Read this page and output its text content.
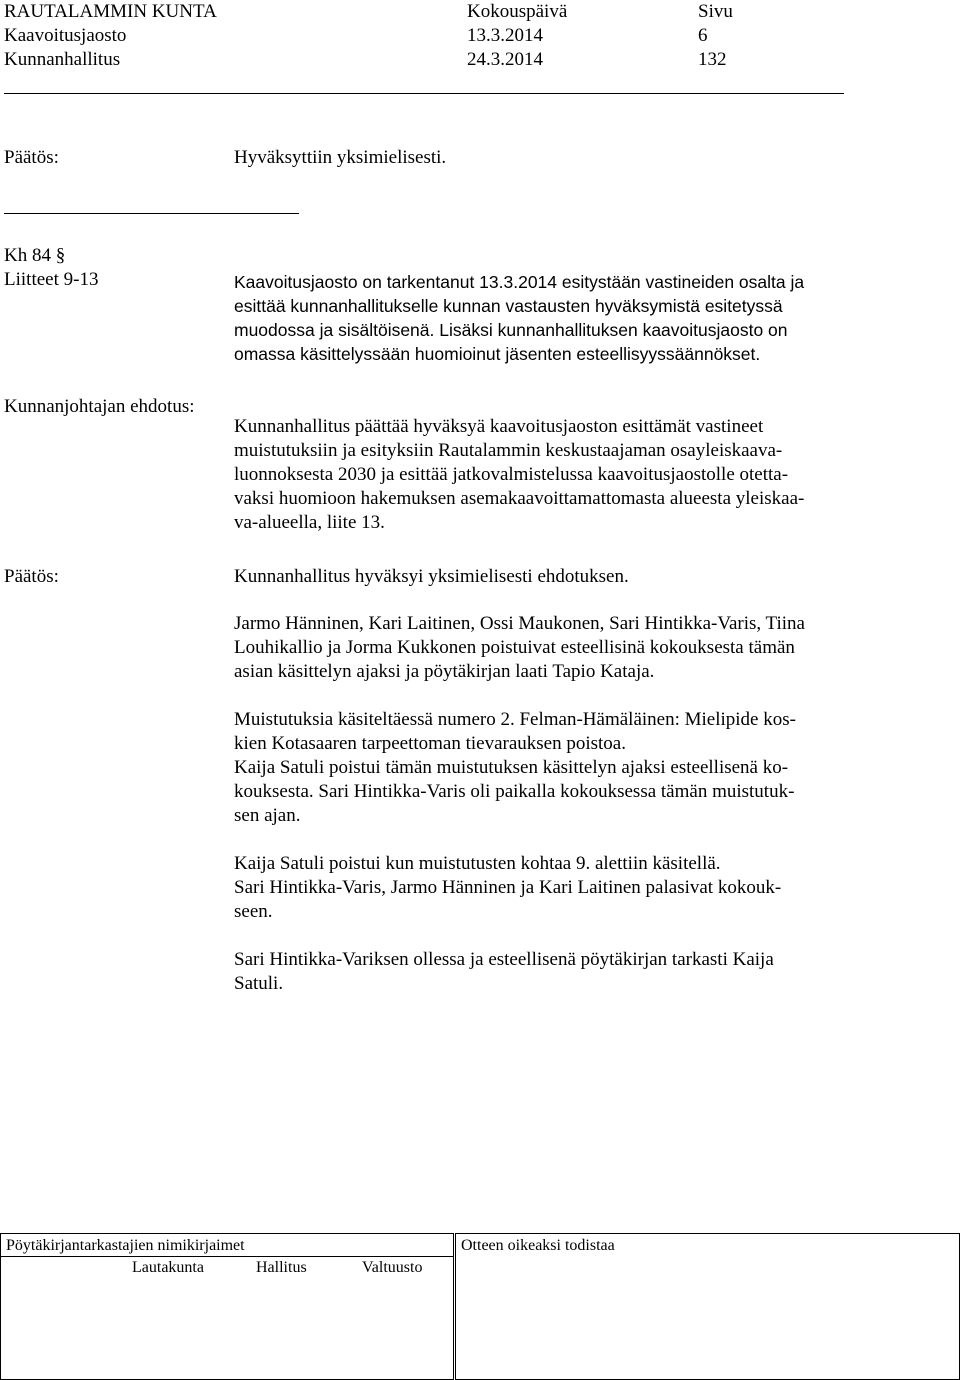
RAUTALAMMIN KUNTA	Kokouspäivä	Sivu
Kaavoitusjaosto	13.3.2014	6
Kunnanhallitus	24.3.2014	132
Päätös:	Hyväksyttiin yksimielisesti.
Kh 84 §
Liitteet 9-13	Kaavoitusjaosto on tarkentanut 13.3.2014 esitystään vastineiden osalta ja
esittää kunnanhallitukselle kunnan vastausten hyväksymistä esitetyssä
muodossa ja sisältöisenä. Lisäksi kunnanhallituksen kaavoitusjaosto on
omassa käsittelyssään huomioinut jäsenten esteellisyyssäännökset.
Kunnanjohtajan ehdotus:
Kunnanhallitus päättää hyväksyä kaavoitusjaoston esittämät vastineet
muistutuksiin ja esityksiin Rautalammin keskustaajaman osayleiskaava-
luonnoksesta 2030 ja esittää jatkovalmistelussa kaavoitusjaostolle otetta-
vaksi huomioon hakemuksen asemakaavoittamattomasta alueesta yleiskaa-
va-alueella, liite 13.
Päätös:	Kunnanhallitus hyväksyi yksimielisesti ehdotuksen.
Jarmo Hänninen, Kari Laitinen, Ossi Maukonen, Sari Hintikka-Varis, Tiina
Louhikallio ja Jorma Kukkonen poistuivat esteellisinä kokouksesta tämän
asian käsittelyn ajaksi ja pöytäkirjan laati Tapio Kataja.
Muistutuksia käsiteltäessä numero 2. Felman-Hämäläinen: Mielipide kos-
kien Kotasaaren tarpeettoman tievarauksen poistoa.
Kaija Satuli poistui tämän muistutuksen käsittelyn ajaksi esteellisenä ko-
kouksesta. Sari Hintikka-Varis oli paikalla kokouksessa tämän muistutuk-
sen ajan.
Kaija Satuli poistui kun muistutusten kohtaa 9. alettiin käsitellä.
Sari Hintikka-Varis, Jarmo Hänninen ja Kari Laitinen palasivat kokouk-
seen.
Sari Hintikka-Variksen ollessa ja esteellisenä pöytäkirjan tarkasti Kaija
Satuli.
Pöytäkirjantarkastajien nimikirjaimet
Lautakunta	Hallitus	Valtuusto
Otteen oikeaksi todistaa
